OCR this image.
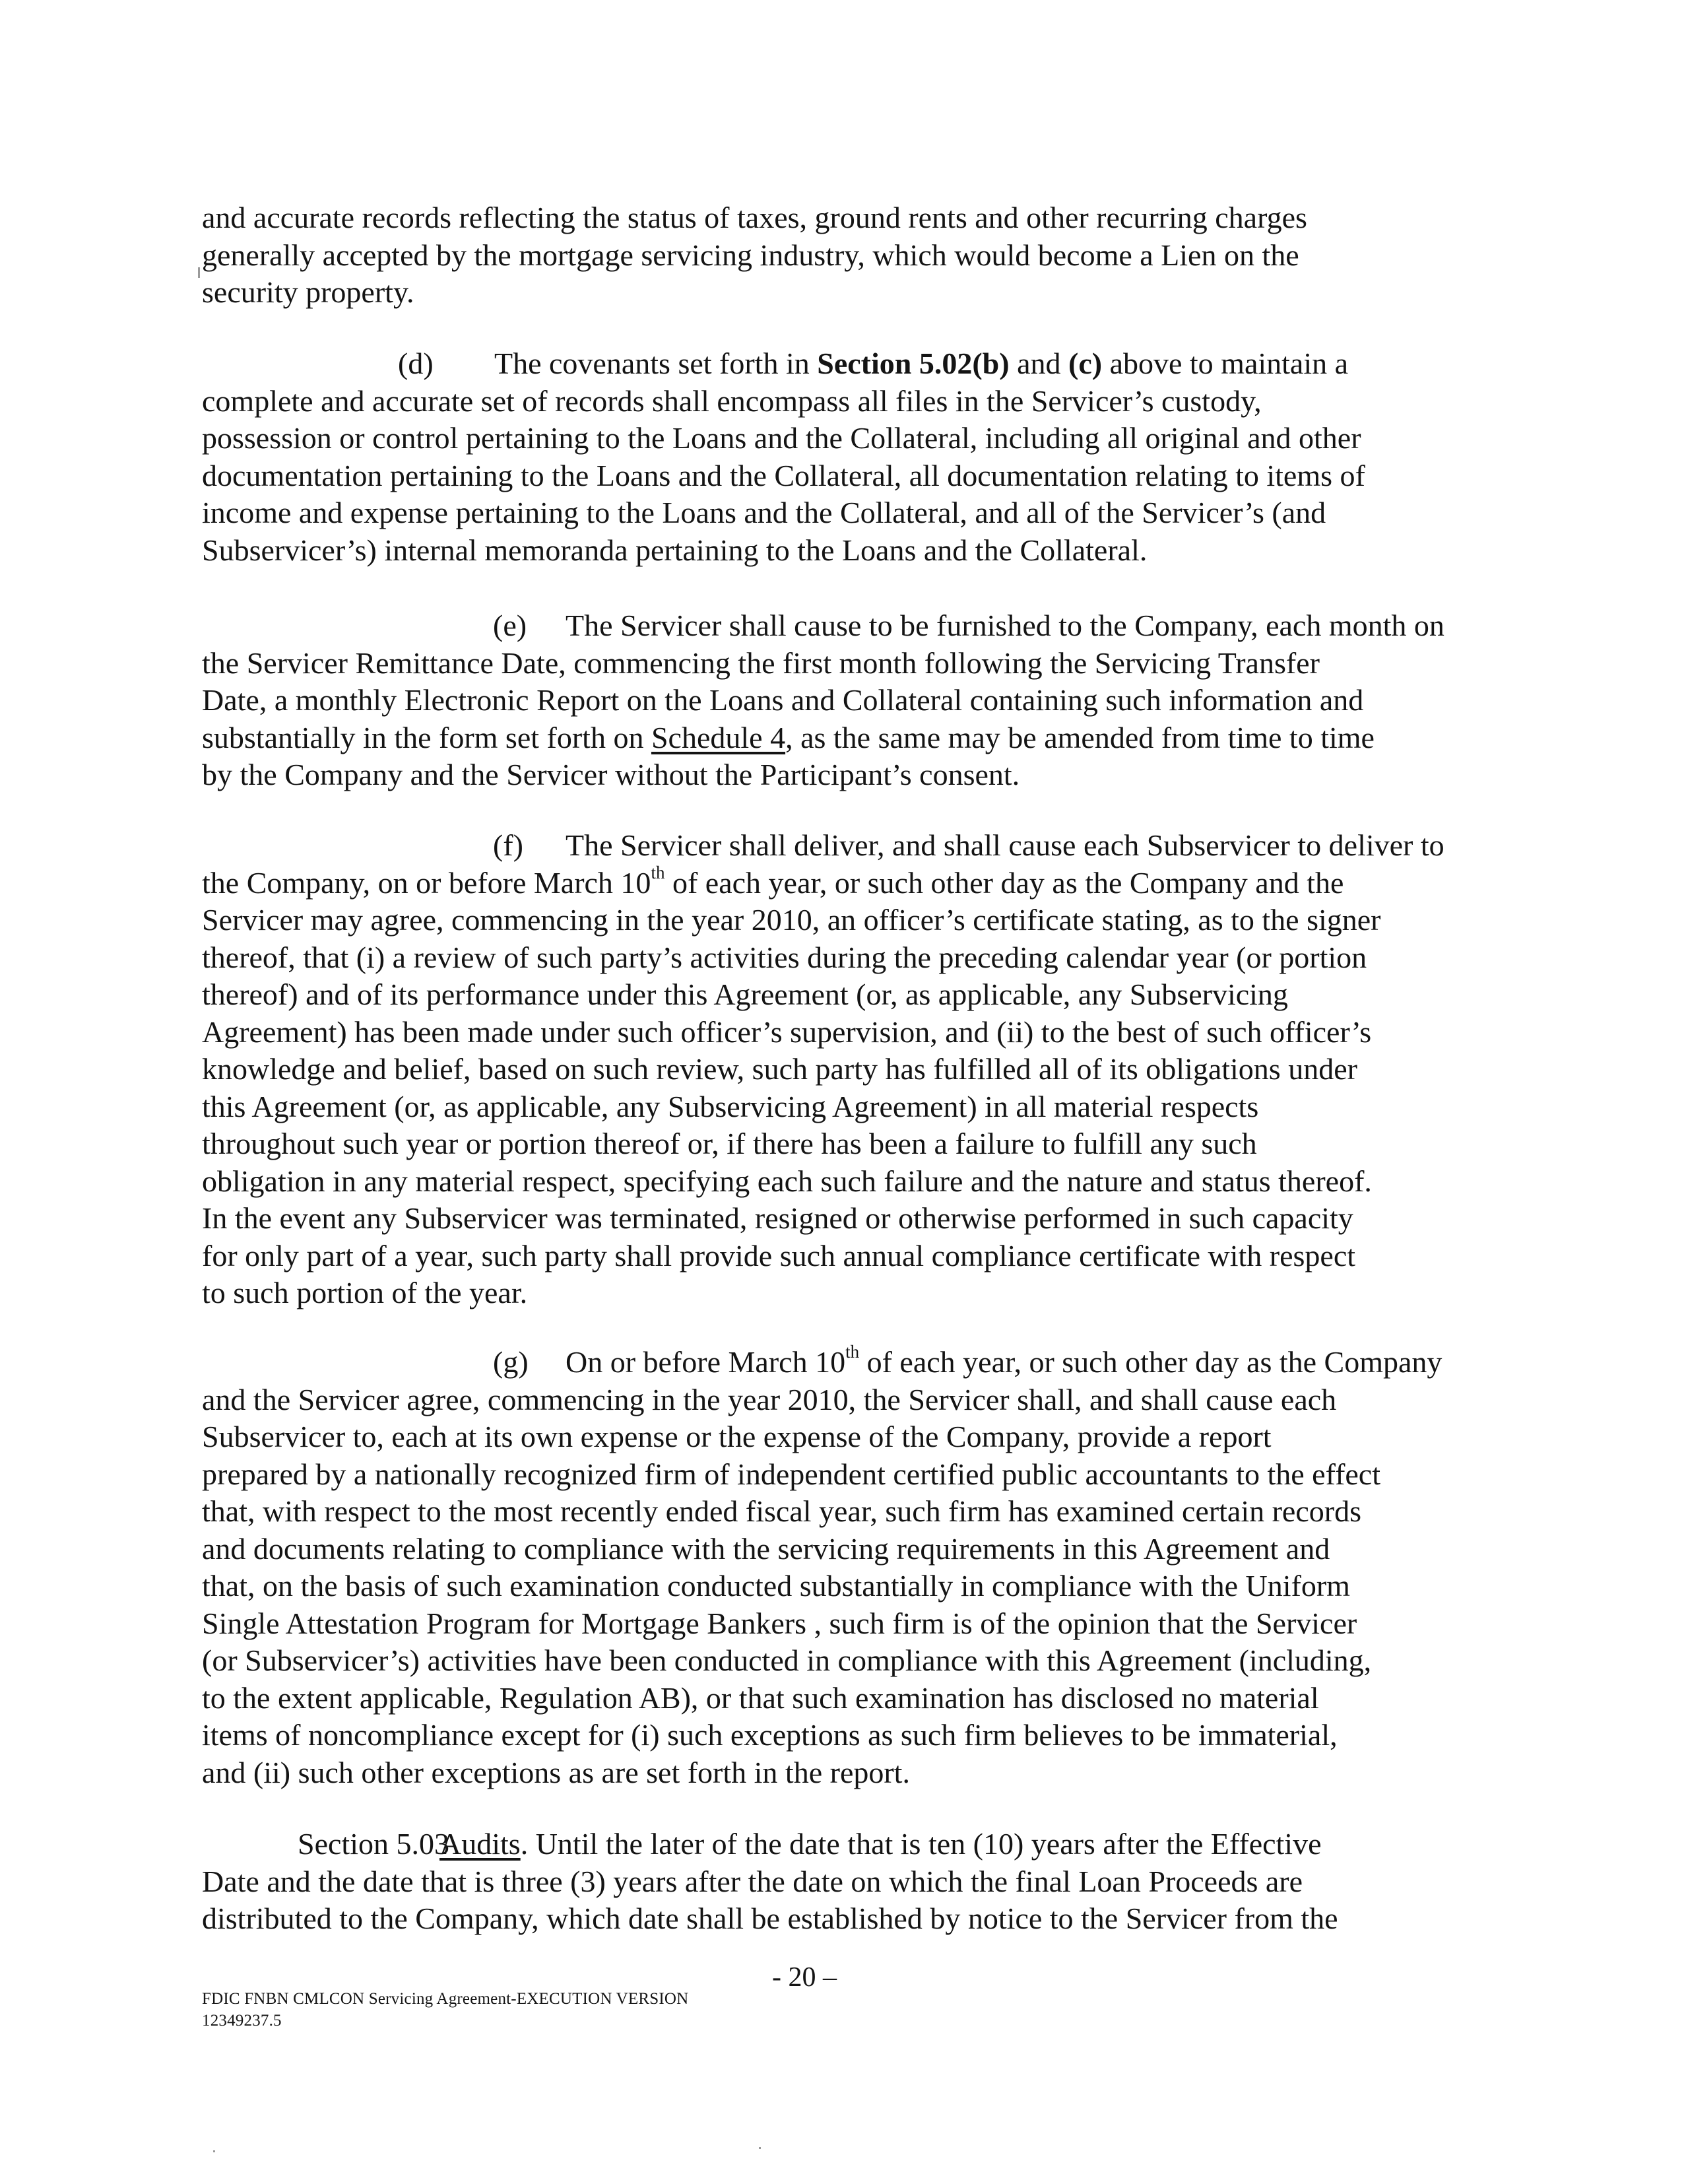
and accurate records reflecting the status of taxes, ground rents and other recurring charges
generally accepted by the mortgage servicing industry, which would become a Lien on the
security property.
(d) The covenants set forth in Section 5.02(b) and (c) above to maintain a
complete and accurate set of records shall encompass all files in the Servicer’s custody,
possession or control pertaining to the Loans and the Collateral, including all original and other
documentation pertaining to the Loans and the Collateral, all documentation relating to items of
income and expense pertaining to the Loans and the Collateral, and all of the Servicer’s (and
Subservicer’s) internal memoranda pertaining to the Loans and the Collateral.
(e) The Servicer shall cause to be furnished to the Company, each month on
the Servicer Remittance Date, commencing the first month following the Servicing Transfer
Date, a monthly Electronic Report on the Loans and Collateral containing such information and
substantially in the form set forth on Schedule 4, as the same may be amended from time to time
by the Company and the Servicer without the Participant’s consent.
(f) The Servicer shall deliver, and shall cause each Subservicer to deliver to
the Company, on or before March 10th of each year, or such other day as the Company and the
Servicer may agree, commencing in the year 2010, an officer’s certificate stating, as to the signer
thereof, that (i) a review of such party’s activities during the preceding calendar year (or portion
thereof) and of its performance under this Agreement (or, as applicable, any Subservicing
Agreement) has been made under such officer’s supervision, and (ii) to the best of such officer’s
knowledge and belief, based on such review, such party has fulfilled all of its obligations under
this Agreement (or, as applicable, any Subservicing Agreement) in all material respects
throughout such year or portion thereof or, if there has been a failure to fulfill any such
obligation in any material respect, specifying each such failure and the nature and status thereof.
In the event any Subservicer was terminated, resigned or otherwise performed in such capacity
for only part of a year, such party shall provide such annual compliance certificate with respect
to such portion of the year.
(g) On or before March 10th of each year, or such other day as the Company
and the Servicer agree, commencing in the year 2010, the Servicer shall, and shall cause each
Subservicer to, each at its own expense or the expense of the Company, provide a report
prepared by a nationally recognized firm of independent certified public accountants to the effect
that, with respect to the most recently ended fiscal year, such firm has examined certain records
and documents relating to compliance with the servicing requirements in this Agreement and
that, on the basis of such examination conducted substantially in compliance with the Uniform
Single Attestation Program for Mortgage Bankers , such firm is of the opinion that the Servicer
(or Subservicer’s) activities have been conducted in compliance with this Agreement (including,
to the extent applicable, Regulation AB), or that such examination has disclosed no material
items of noncompliance except for (i) such exceptions as such firm believes to be immaterial,
and (ii) such other exceptions as are set forth in the report.
Section 5.03Audits. Until the later of the date that is ten (10) years after the Effective
Date and the date that is three (3) years after the date on which the final Loan Proceeds are
distributed to the Company, which date shall be established by notice to the Servicer from the
- 20 –
FDIC FNBN CMLCON Servicing Agreement-EXECUTION VERSION
12349237.5
